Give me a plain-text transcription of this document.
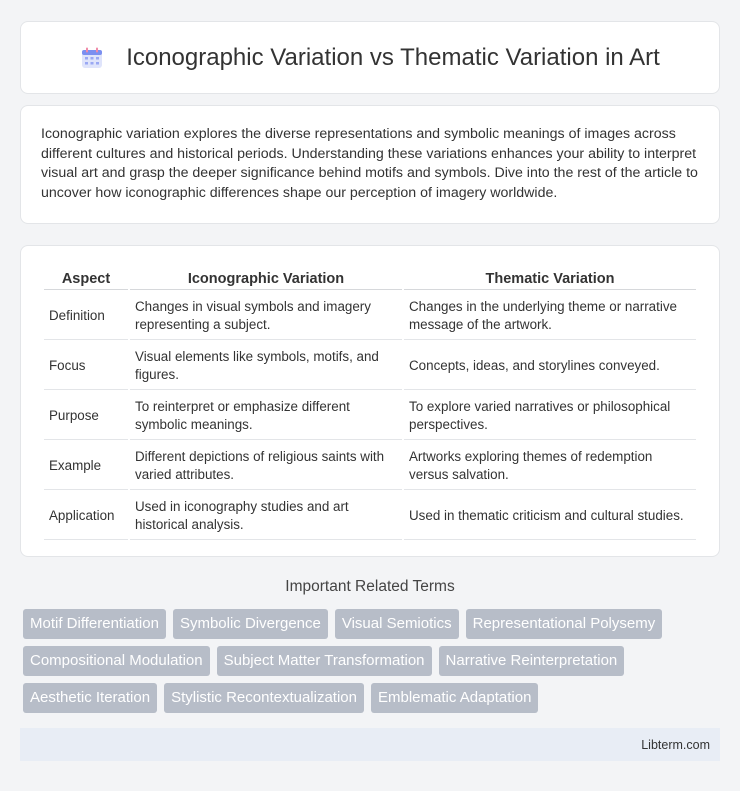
Iconographic Variation vs Thematic Variation in Art

Iconographic variation explores the diverse representations and symbolic meanings of images across different cultures and historical periods. Understanding these variations enhances your ability to interpret visual art and grasp the deeper significance behind motifs and symbols. Dive into the rest of the article to uncover how iconographic differences shape our perception of imagery worldwide.

Aspect	Iconographic Variation	Thematic Variation
Definition	Changes in visual symbols and imagery representing a subject.	Changes in the underlying theme or narrative message of the artwork.
Focus	Visual elements like symbols, motifs, and figures.	Concepts, ideas, and storylines conveyed.
Purpose	To reinterpret or emphasize different symbolic meanings.	To explore varied narratives or philosophical perspectives.
Example	Different depictions of religious saints with varied attributes.	Artworks exploring themes of redemption versus salvation.
Application	Used in iconography studies and art historical analysis.	Used in thematic criticism and cultural studies.
Important Related Terms
Motif Differentiation	Symbolic Divergence	Visual Semiotics	Representational Polysemy
Compositional Modulation	Subject Matter Transformation	Narrative Reinterpretation
Aesthetic Iteration	Stylistic Recontextualization	Emblematic Adaptation
Libterm.com
